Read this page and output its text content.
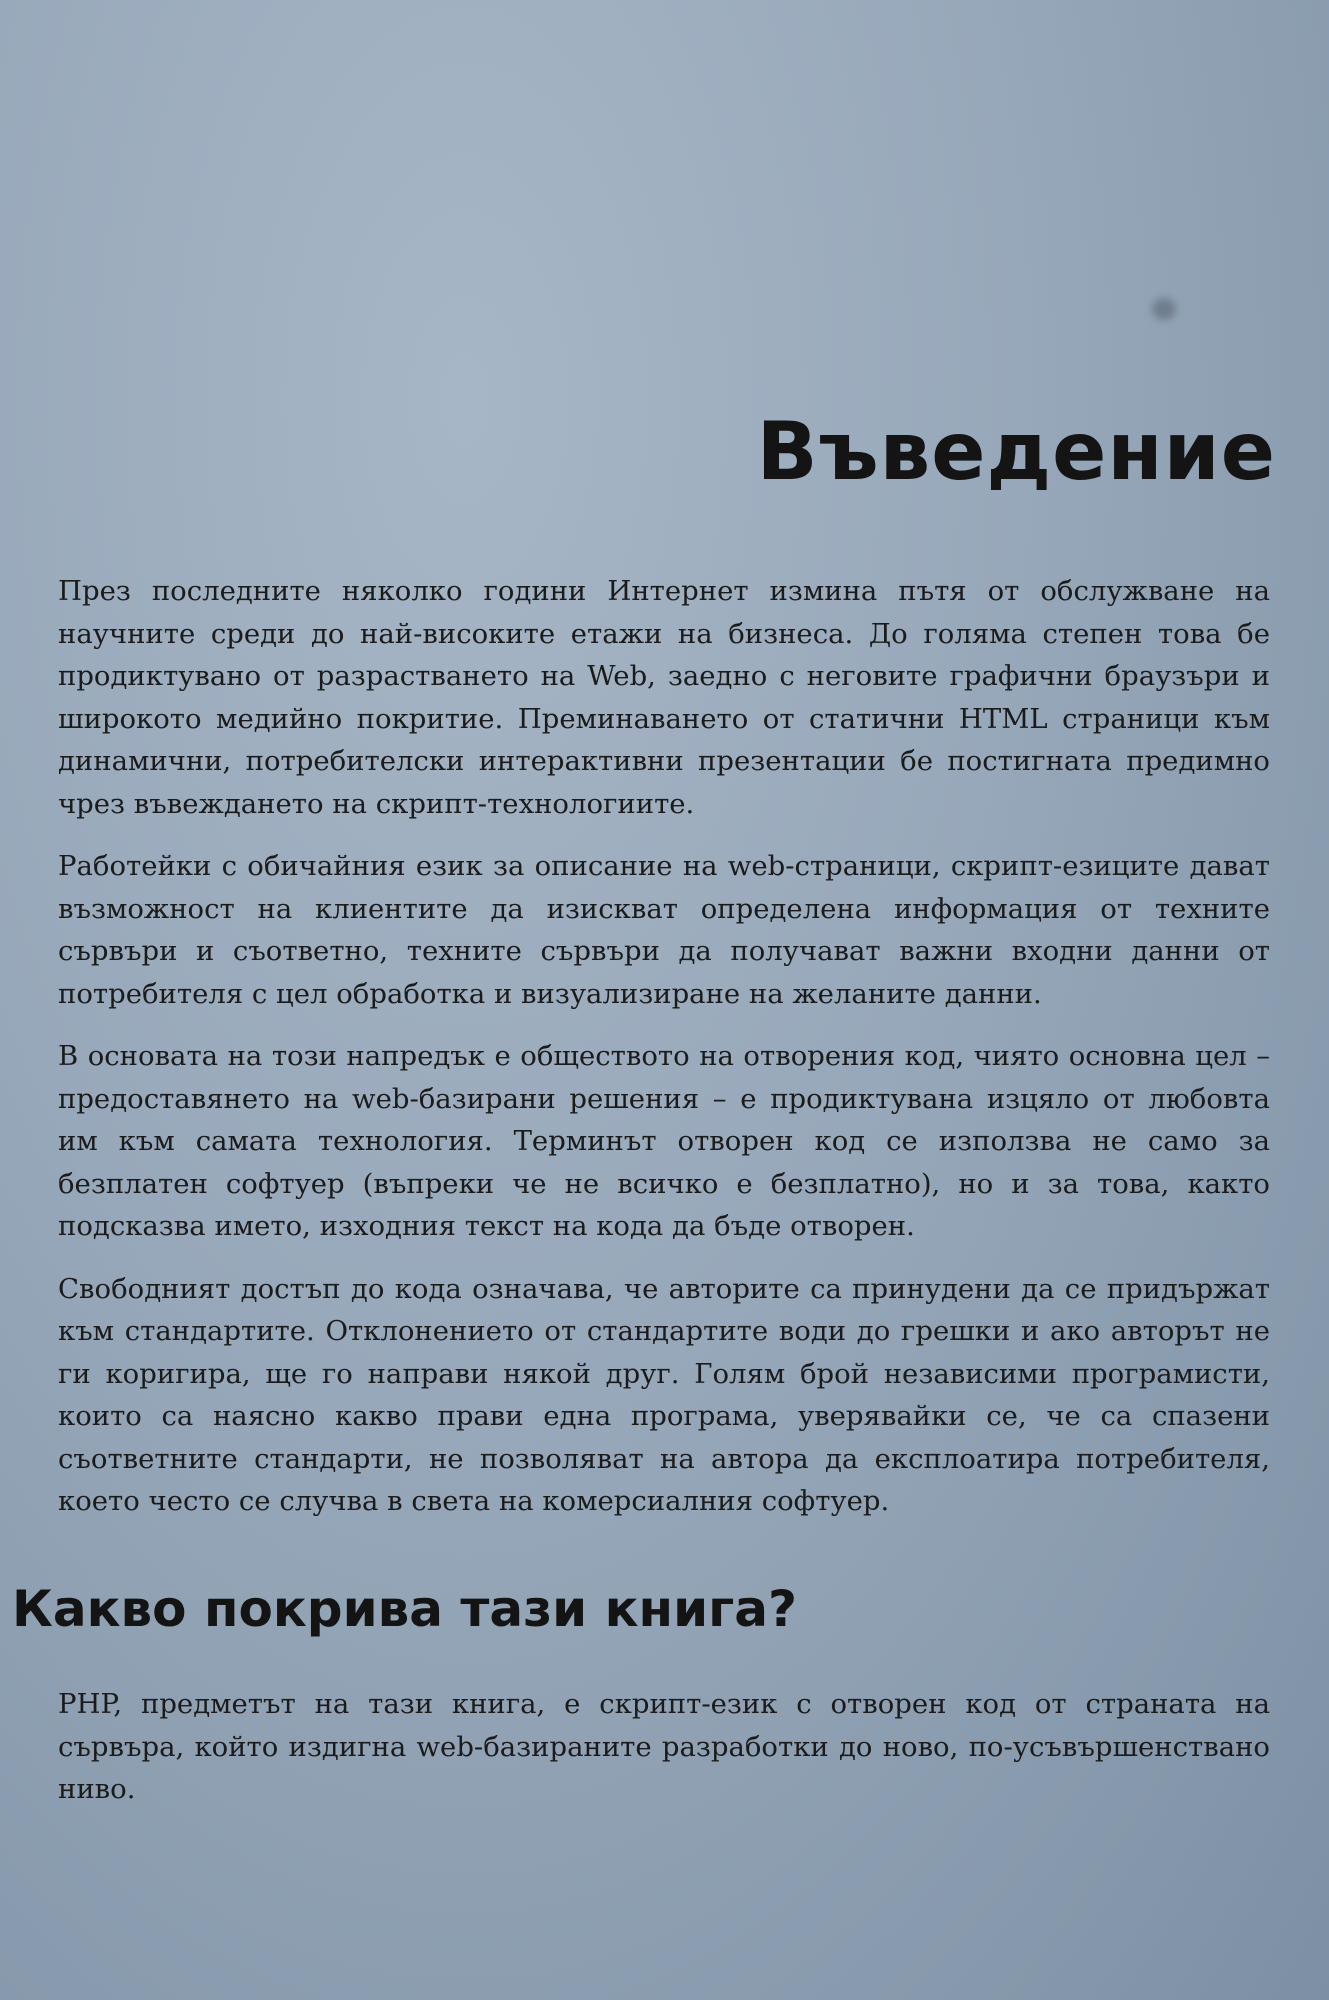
Въведение

През последните няколко години Интернет измина пътя от обслужване на научните среди до най-високите етажи на бизнеса. До голяма степен това бе продиктувано от разрастването на Web, заедно с неговите графични браузъри и широкото медийно покритие. Преминаването от статични HTML страници към динамични, потребителски интерактивни презентации бе постигната предимно чрез въвеждането на скрипт-технологиите.

Работейки с обичайния език за описание на web-страници, скрипт-езиците дават възможност на клиентите да изискват определена информация от техните сървъри и съответно, техните сървъри да получават важни входни данни от потребителя с цел обработка и визуализиране на желаните данни.

В основата на този напредък е обществото на отворения код, чиято основна цел – предоставянето на web-базирани решения – е продиктувана изцяло от любовта им към самата технология. Терминът отворен код се използва не само за безплатен софтуер (въпреки че не всичко е безплатно), но и за това, както подсказва името, изходния текст на кода да бъде отворен.

Свободният достъп до кода означава, че авторите са принудени да се придържат към стандартите. Отклонението от стандартите води до грешки и ако авторът не ги коригира, ще го направи някой друг. Голям брой независими програмисти, които са наясно какво прави една програма, уверявайки се, че са спазени съответните стандарти, не позволяват на автора да експлоатира потребителя, което често се случва в света на комерсиалния софтуер.

Какво покрива тази книга?

PHP, предметът на тази книга, е скрипт-език с отворен код от страната на сървъра, който издигна web-базираните разработки до ново, по-усъвършенствано ниво.
